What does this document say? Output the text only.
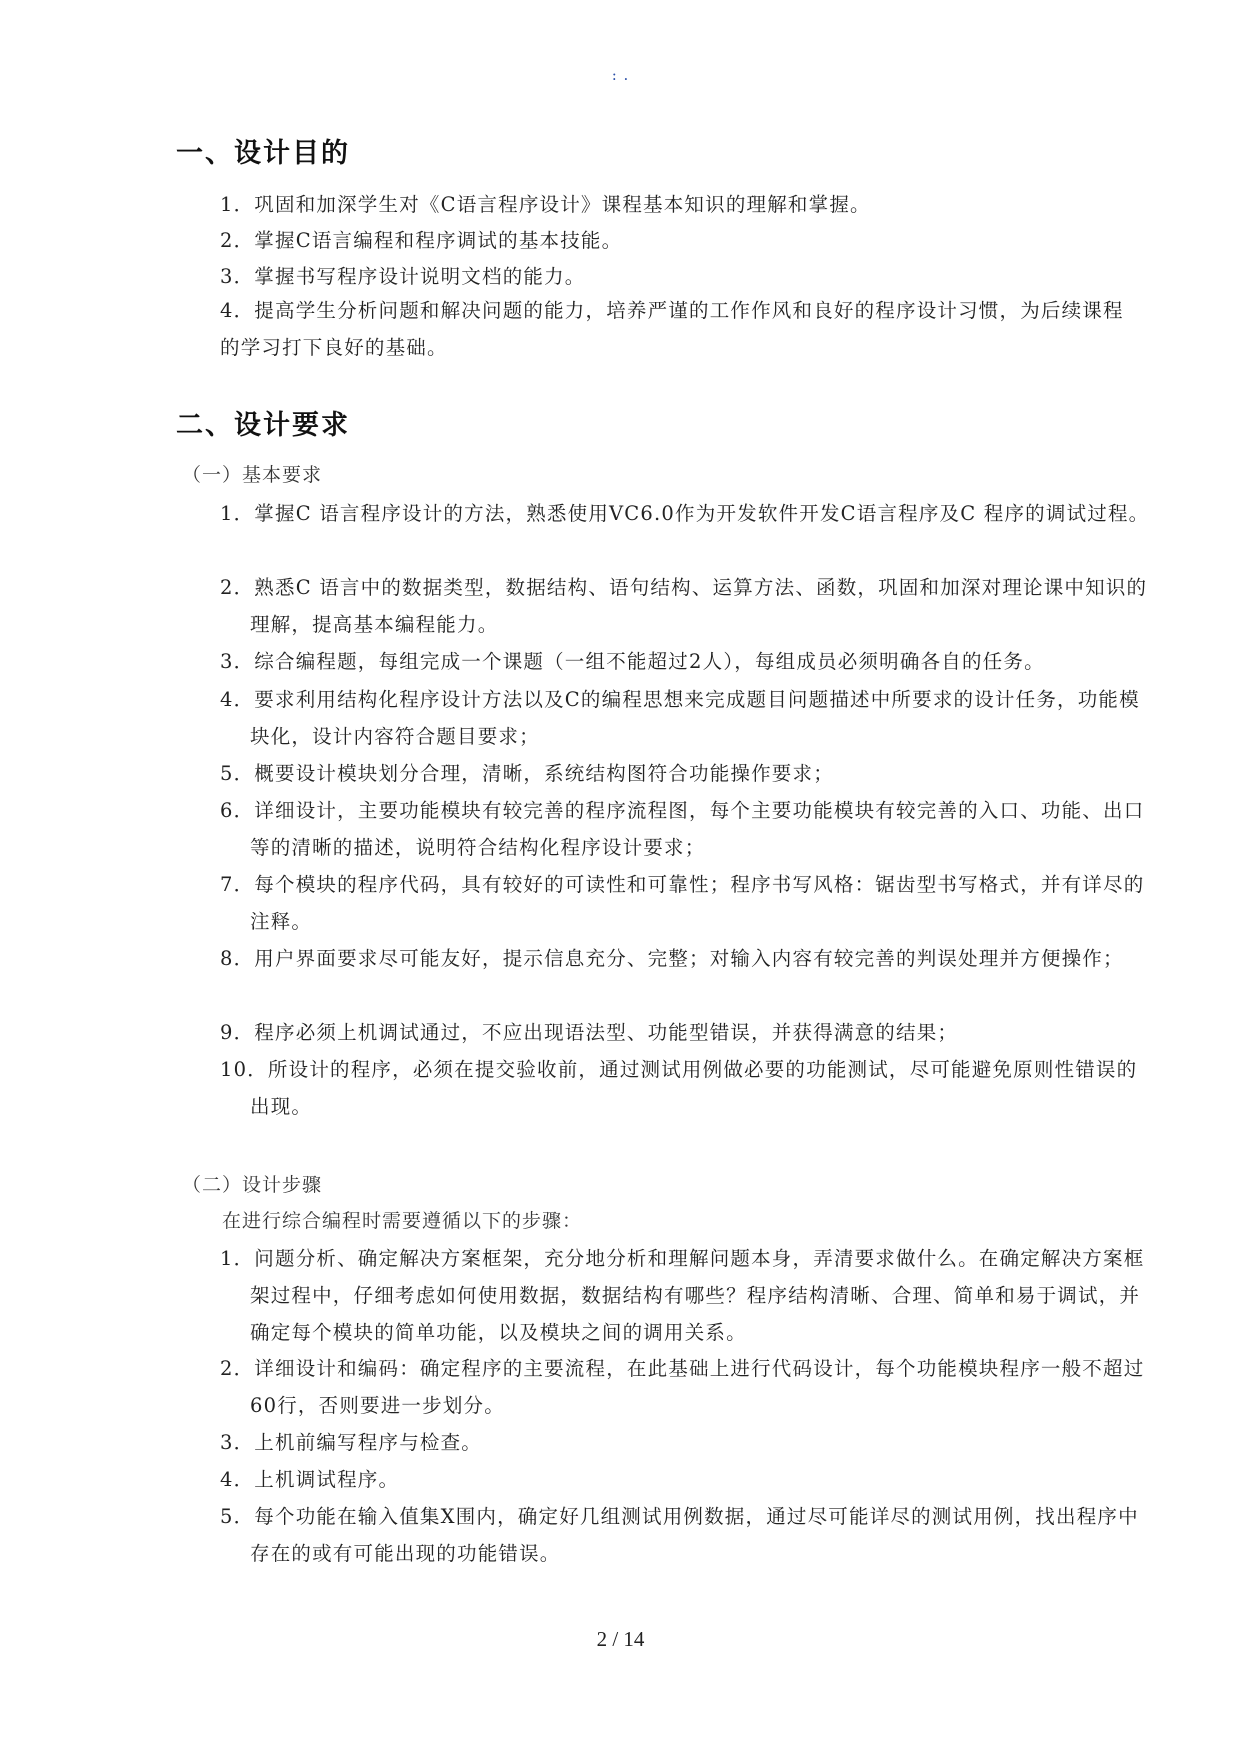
: .
一、设计目的
1．巩固和加深学生对《C语言程序设计》课程基本知识的理解和掌握。
2．掌握C语言编程和程序调试的基本技能。
3．掌握书写程序设计说明文档的能力。
4．提高学生分析问题和解决问题的能力，培养严谨的工作作风和良好的程序设计习惯，为后续课程的学习打下良好的基础。
二、设计要求
（一）基本要求
1．掌握C 语言程序设计的方法，熟悉使用VC6.0作为开发软件开发C语言程序及C 程序的调试过程。
2．熟悉C 语言中的数据类型，数据结构、语句结构、运算方法、函数，巩固和加深对理论课中知识的理解，提高基本编程能力。
3．综合编程题，每组完成一个课题（一组不能超过2人），每组成员必须明确各自的任务。
4．要求利用结构化程序设计方法以及C的编程思想来完成题目问题描述中所要求的设计任务，功能模块化，设计内容符合题目要求；
5．概要设计模块划分合理，清晰，系统结构图符合功能操作要求；
6．详细设计，主要功能模块有较完善的程序流程图，每个主要功能模块有较完善的入口、功能、出口等的清晰的描述，说明符合结构化程序设计要求；
7．每个模块的程序代码，具有较好的可读性和可靠性；程序书写风格：锯齿型书写格式，并有详尽的注释。
8．用户界面要求尽可能友好，提示信息充分、完整；对输入内容有较完善的判误处理并方便操作；
9．程序必须上机调试通过，不应出现语法型、功能型错误，并获得满意的结果；
10．所设计的程序，必须在提交验收前，通过测试用例做必要的功能测试，尽可能避免原则性错误的出现。
（二）设计步骤
在进行综合编程时需要遵循以下的步骤：
1．问题分析、确定解决方案框架，充分地分析和理解问题本身，弄清要求做什么。在确定解决方案框架过程中，仔细考虑如何使用数据，数据结构有哪些？程序结构清晰、合理、简单和易于调试，并确定每个模块的简单功能，以及模块之间的调用关系。
2．详细设计和编码：确定程序的主要流程，在此基础上进行代码设计，每个功能模块程序一般不超过60行，否则要进一步划分。
3．上机前编写程序与检查。
4．上机调试程序。
5．每个功能在输入值集X围内，确定好几组测试用例数据，通过尽可能详尽的测试用例，找出程序中存在的或有可能出现的功能错误。
2 / 14
